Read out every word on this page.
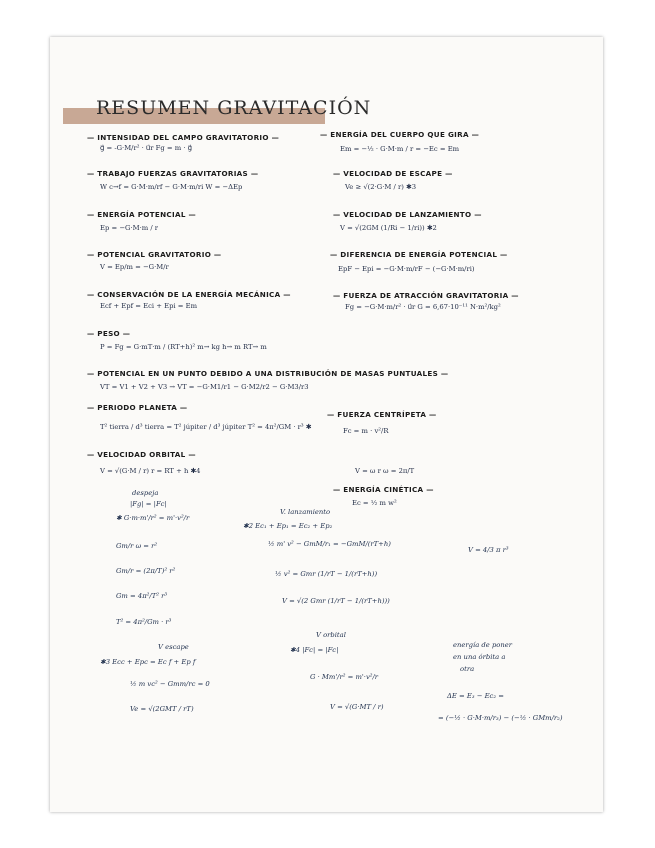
RESUMEN GRAVITACIÓN
— INTENSIDAD DEL CAMPO GRAVITATORIO —
g⃗ = -G·M/r² · u⃗r Fg = m · g⃗
— TRABAJO FUERZAS GRAVITATORIAS —
W c→f = G·M·m/rf − G·M·m/ri W = −ΔEp
— ENERGÍA POTENCIAL —
Ep = −G·M·m / r
— POTENCIAL GRAVITATORIO —
V = Ep/m = −G·M/r
— CONSERVACIÓN DE LA ENERGÍA MECÁNICA —
Ecf + Epf = Eci + Epi = Em
— PESO —
P = Fg = G·mT·m / (RT+h)² m→ kg h→ m RT→ m
— POTENCIAL EN UN PUNTO DEBIDO A UNA DISTRIBUCIÓN DE MASAS PUNTUALES —
VT = V1 + V2 + V3 → VT = −G·M1/r1 − G·M2/r2 − G·M3/r3
— PERIODO PLANETA —
T² tierra / d³ tierra = T² júpiter / d³ júpiter T² = 4π²/GM · r³ ✱
— VELOCIDAD ORBITAL —
V = √(G·M / r) r = RT + h ✱4
— ENERGÍA DEL CUERPO QUE GIRA —
Em = −½ · G·M·m / r = −Ec = Em
— VELOCIDAD DE ESCAPE —
Ve ≥ √(2·G·M / r) ✱3
— VELOCIDAD DE LANZAMIENTO —
V = √(2GM (1/Ri − 1/ri)) ✱2
— DIFERENCIA DE ENERGÍA POTENCIAL —
EpF − Epi = −G·M·m/rF − (−G·M·m/ri)
— FUERZA DE ATRACCIÓN GRAVITATORIA —
Fg = −G·M·m/r² · u⃗r G = 6,67·10⁻¹¹ N·m²/kg²
— FUERZA CENTRÍPETA —
Fc = m · v²/R
V = ω r ω = 2π/T
— ENERGÍA CINÉTICA —
Ec = ½ m w²
despeja
|Fg| = |Fc|
✱ G·m·m'/r² = m'·v²/r
Gm/r ω = r²
Gm/r = (2π/T)² r²
Gm = 4π²/T² r³
T² = 4π²/Gm · r³
V escape
✱3 Ecc + Epc = Ec f + Ep f
½ m vc² − Gmm/rc = 0
Ve = √(2GMT / rT)
V. lanzamiento
✱2 Ec₁ + Ep₁ = Ec₂ + Ep₂
½ m' v² − GmM/r₁ = −GmM/(rT+h)
½ v² = Gmr (1/rT − 1/(rT+h))
V = √(2 Gmr (1/rT − 1/(rT+h)))
V orbital
✱4 |Fc| = |Fc|
G · Mm'/r² = m'·v²/r
V = √(G·MT / r)
V = 4/3 π r³
energía de poner
en una órbita a
otra
ΔE = E₃ − Ec₂ =
= (−½ · G·M·m/r₃) − (−½ · GMm/r₂)
